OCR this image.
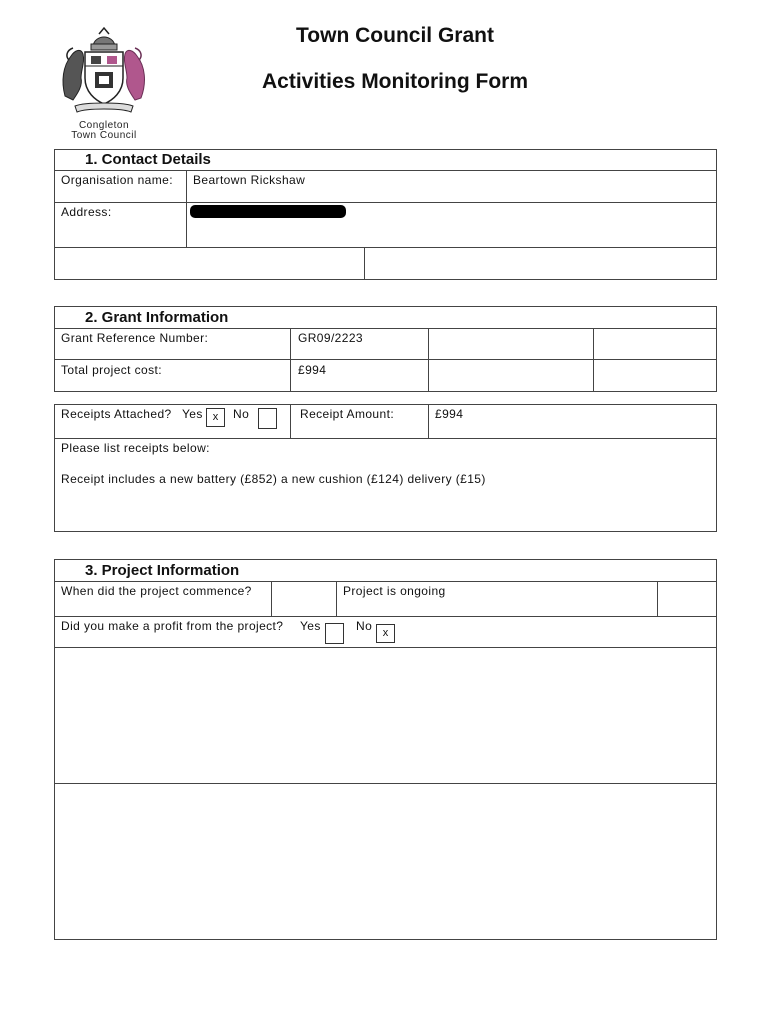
Congleton
Town Council
Town Council Grant
Activities Monitoring Form
1. Contact Details
Organisation name: Beartown Rickshaw
Address:
2. Grant Information
Grant Reference Number:	GR09/2223
Total project cost:	£994
Receipts Attached? Yes x	No	Receipt Amount:	£994
Please list receipts below:
Receipt includes a new battery (£852) a new cushion (£124) delivery (£15)
3. Project Information
When did the project commence?	Project is ongoing
Did you make a profit from the project? Yes	No x
